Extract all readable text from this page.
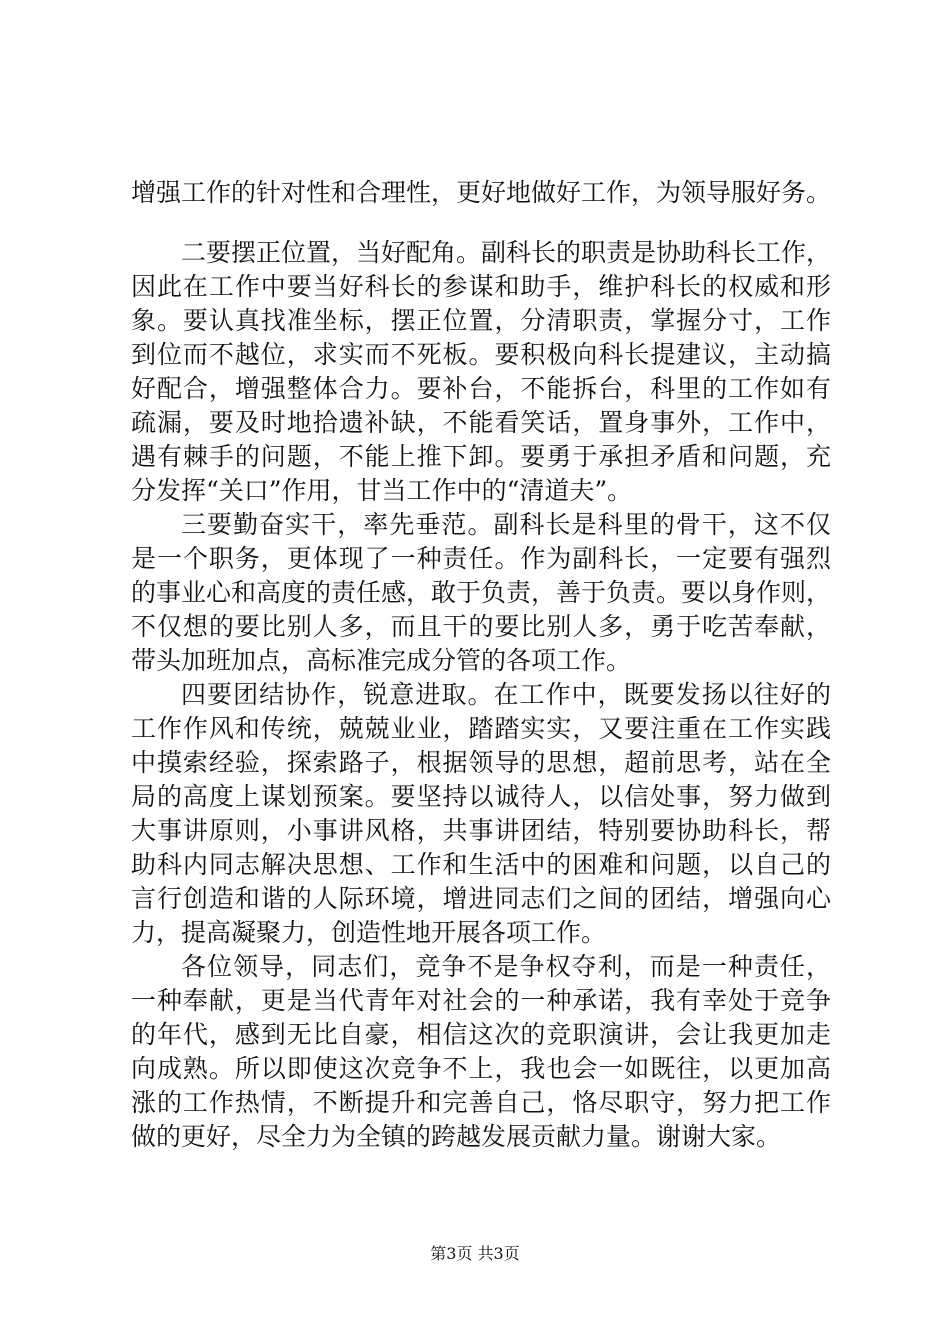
增强工作的针对性和合理性，更好地做好工作，为领导服好务。
二要摆正位置，当好配角。副科长的职责是协助科长工作，
因此在工作中要当好科长的参谋和助手，维护科长的权威和形
象。要认真找准坐标，摆正位置，分清职责，掌握分寸，工作
到位而不越位，求实而不死板。要积极向科长提建议，主动搞
好配合，增强整体合力。要补台，不能拆台，科里的工作如有
疏漏，要及时地拾遗补缺，不能看笑话，置身事外，工作中，
遇有棘手的问题，不能上推下卸。要勇于承担矛盾和问题，充
分发挥“关口”作用，甘当工作中的“清道夫”。
三要勤奋实干，率先垂范。副科长是科里的骨干，这不仅
是一个职务，更体现了一种责任。作为副科长，一定要有强烈
的事业心和高度的责任感，敢于负责，善于负责。要以身作则，
不仅想的要比别人多，而且干的要比别人多，勇于吃苦奉献，
带头加班加点，高标准完成分管的各项工作。
四要团结协作，锐意进取。在工作中，既要发扬以往好的
工作作风和传统，兢兢业业，踏踏实实，又要注重在工作实践
中摸索经验，探索路子，根据领导的思想，超前思考，站在全
局的高度上谋划预案。要坚持以诚待人，以信处事，努力做到
大事讲原则，小事讲风格，共事讲团结，特别要协助科长，帮
助科内同志解决思想、工作和生活中的困难和问题，以自己的
言行创造和谐的人际环境，增进同志们之间的团结，增强向心
力，提高凝聚力，创造性地开展各项工作。
各位领导，同志们，竞争不是争权夺利，而是一种责任，
一种奉献，更是当代青年对社会的一种承诺，我有幸处于竞争
的年代，感到无比自豪，相信这次的竞职演讲，会让我更加走
向成熟。所以即使这次竞争不上，我也会一如既往，以更加高
涨的工作热情，不断提升和完善自己，恪尽职守，努力把工作
做的更好，尽全力为全镇的跨越发展贡献力量。谢谢大家。
第3页 共3页
